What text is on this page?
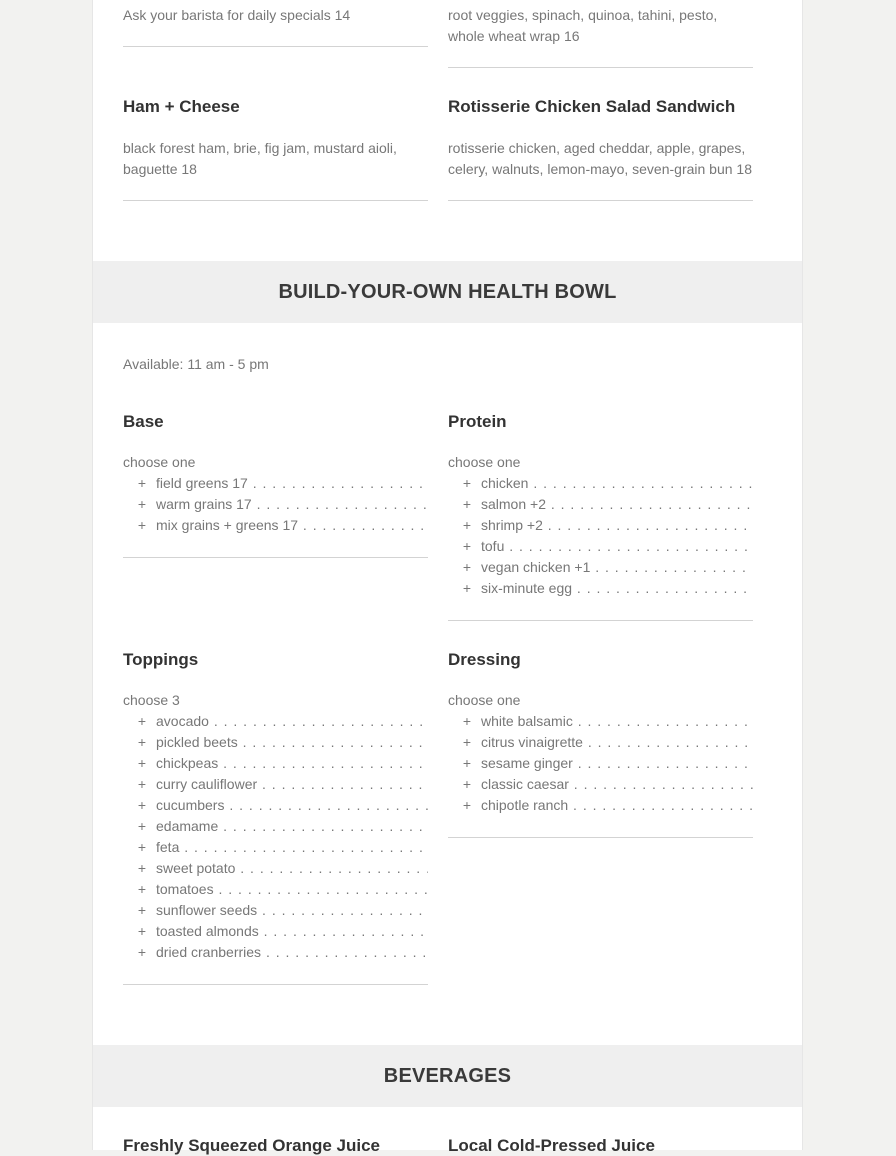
Ask your barista for daily specials 14	root veggies, spinach, quinoa, tahini, pesto, whole wheat wrap 16

Ham + Cheese	Rotisserie Chicken Salad Sandwich

black forest ham, brie, fig jam, mustard aioli, baguette 18

rotisserie chicken, aged cheddar, apple, grapes, celery, walnuts, lemon-mayo, seven-grain bun 18

BUILD-YOUR-OWN HEALTH BOWL

Available: 11 am - 5 pm

Base

choose one

+ field greens 17 . . .
+ warm grains 17 . . .
+ mix grains + greens 17 . . .
Protein

choose one

+ chicken . . .
+ salmon +2 . . .
+ shrimp +2 . . .
+ tofu . . .
+ vegan chicken +1 . . .
+ six-minute egg . . .
Toppings

choose 3

+ avocado . . .
+ pickled beets . . .
+ chickpeas . . .
+ curry cauliflower . . .
+ cucumbers . . .
+ edamame . . .
+ feta . . .
+ sweet potato . . .
+ tomatoes . . .
+ sunflower seeds . . .
+ toasted almonds . . .
+ dried cranberries . . .
Dressing

choose one

+ white balsamic . . .
+ citrus vinaigrette . . .
+ sesame ginger . . .
+ classic caesar . . .
+ chipotle ranch . . .
BEVERAGES
Freshly Squeezed Orange Juice	Local Cold-Pressed Juice
